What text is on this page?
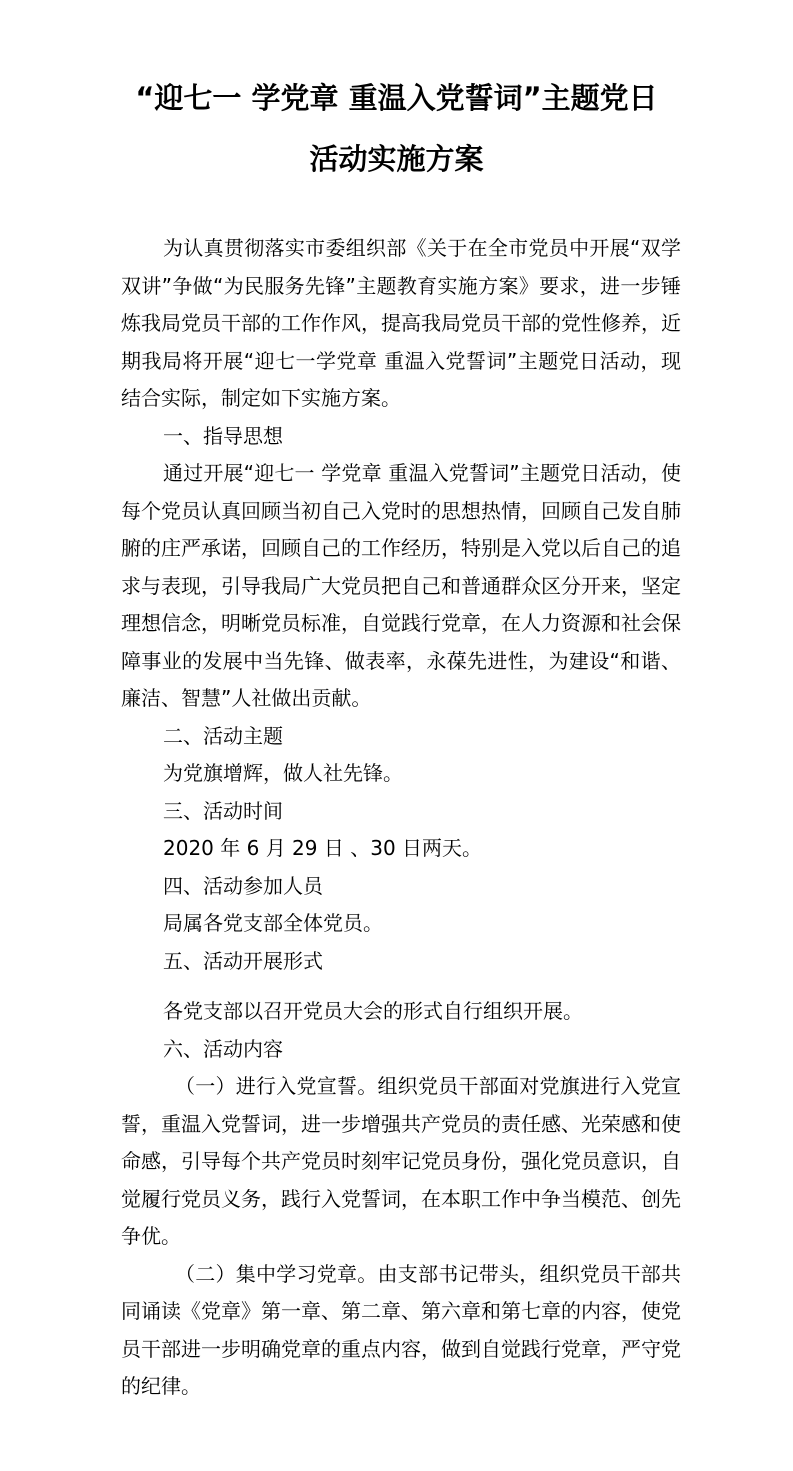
“迎七一 学党章 重温入党誓词”主题党日
活动实施方案

为认真贯彻落实市委组织部《关于在全市党员中开展“双学双讲”争做“为民服务先锋”主题教育实施方案》要求，进一步锤炼我局党员干部的工作作风，提高我局党员干部的党性修养，近期我局将开展“迎七一学党章 重温入党誓词”主题党日活动，现结合实际，制定如下实施方案。

一、指导思想

通过开展“迎七一 学党章 重温入党誓词”主题党日活动，使每个党员认真回顾当初自己入党时的思想热情，回顾自己发自肺腑的庄严承诺，回顾自己的工作经历，特别是入党以后自己的追求与表现，引导我局广大党员把自己和普通群众区分开来，坚定理想信念，明晰党员标准，自觉践行党章，在人力资源和社会保障事业的发展中当先锋、做表率，永葆先进性，为建设“和谐、廉洁、智慧”人社做出贡献。

二、活动主题

为党旗增辉，做人社先锋。

三、活动时间

2020 年 6 月 29 日 、30 日两天。

四、活动参加人员

局属各党支部全体党员。

五、活动开展形式

各党支部以召开党员大会的形式自行组织开展。

六、活动内容

（一）进行入党宣誓。组织党员干部面对党旗进行入党宣誓，重温入党誓词，进一步增强共产党员的责任感、光荣感和使命感，引导每个共产党员时刻牢记党员身份，强化党员意识，自觉履行党员义务，践行入党誓词，在本职工作中争当模范、创先争优。

（二）集中学习党章。由支部书记带头，组织党员干部共同诵读《党章》第一章、第二章、第六章和第七章的内容，使党员干部进一步明确党章的重点内容，做到自觉践行党章，严守党的纪律。
